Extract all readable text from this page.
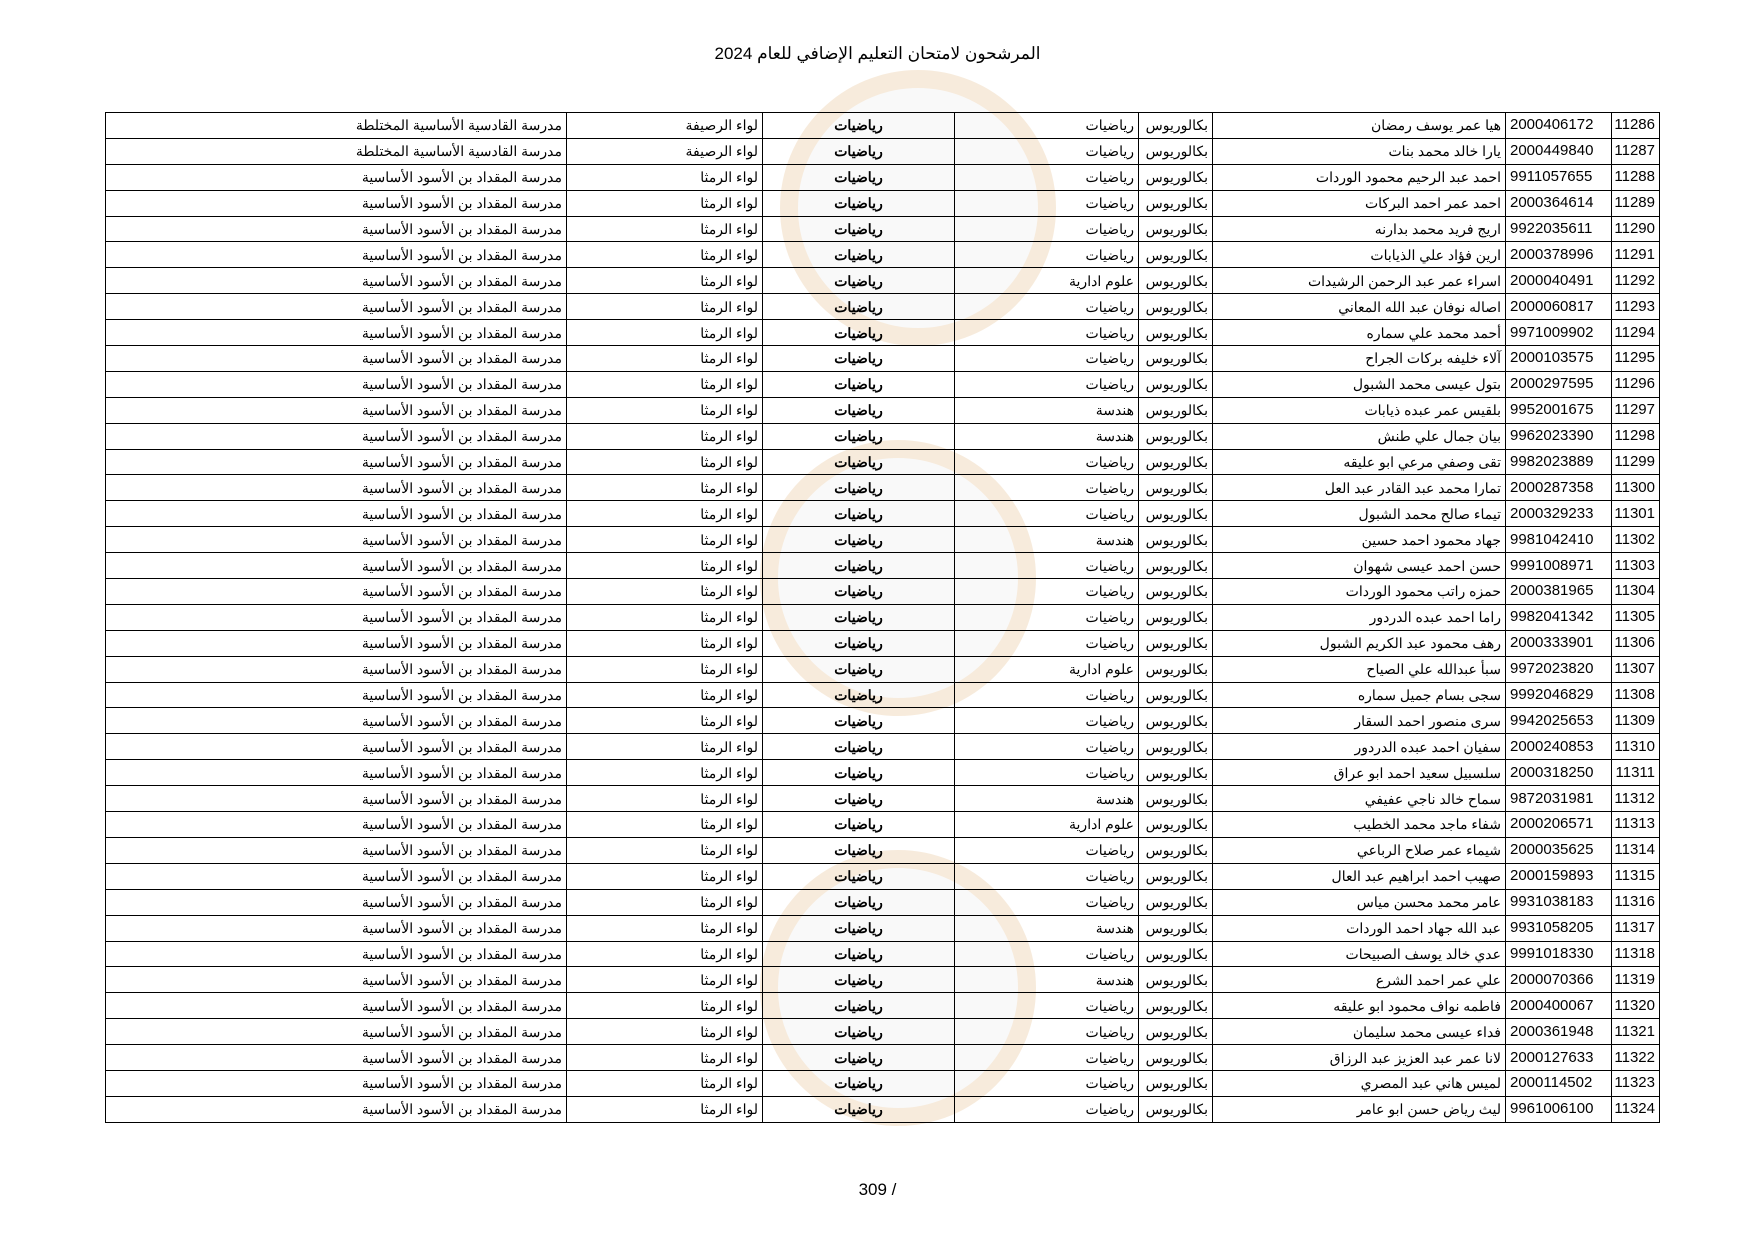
المرشحون لامتحان التعليم الإضافي للعام 2024
11286	2000406172	هيا عمر يوسف رمضان	بكالوريوس	رياضيات	رياضيات	لواء الرصيفة	مدرسة القادسية الأساسية المختلطة
11287	2000449840	يارا خالد محمد بنات	بكالوريوس	رياضيات	رياضيات	لواء الرصيفة	مدرسة القادسية الأساسية المختلطة
11288	9911057655	احمد عبد الرحيم محمود الوردات	بكالوريوس	رياضيات	رياضيات	لواء الرمثا	مدرسة المقداد بن الأسود الأساسية
11289	2000364614	احمد عمر احمد البركات	بكالوريوس	رياضيات	رياضيات	لواء الرمثا	مدرسة المقداد بن الأسود الأساسية
11290	9922035611	اريج فريد محمد بدارنه	بكالوريوس	رياضيات	رياضيات	لواء الرمثا	مدرسة المقداد بن الأسود الأساسية
11291	2000378996	ارين فؤاد علي الذيابات	بكالوريوس	رياضيات	رياضيات	لواء الرمثا	مدرسة المقداد بن الأسود الأساسية
11292	2000040491	اسراء عمر عبد الرحمن الرشيدات	بكالوريوس	علوم ادارية	رياضيات	لواء الرمثا	مدرسة المقداد بن الأسود الأساسية
11293	2000060817	اصاله نوفان عبد الله المعاني	بكالوريوس	رياضيات	رياضيات	لواء الرمثا	مدرسة المقداد بن الأسود الأساسية
11294	9971009902	أحمد محمد علي سماره	بكالوريوس	رياضيات	رياضيات	لواء الرمثا	مدرسة المقداد بن الأسود الأساسية
11295	2000103575	آلاء خليفه بركات الجراح	بكالوريوس	رياضيات	رياضيات	لواء الرمثا	مدرسة المقداد بن الأسود الأساسية
11296	2000297595	بتول عيسى محمد الشبول	بكالوريوس	رياضيات	رياضيات	لواء الرمثا	مدرسة المقداد بن الأسود الأساسية
11297	9952001675	بلقيس عمر عبده ذيابات	بكالوريوس	هندسة	رياضيات	لواء الرمثا	مدرسة المقداد بن الأسود الأساسية
11298	9962023390	بيان جمال علي طنش	بكالوريوس	هندسة	رياضيات	لواء الرمثا	مدرسة المقداد بن الأسود الأساسية
11299	9982023889	تقى وصفي مرعي ابو عليقه	بكالوريوس	رياضيات	رياضيات	لواء الرمثا	مدرسة المقداد بن الأسود الأساسية
11300	2000287358	تمارا محمد عبد القادر عبد العل	بكالوريوس	رياضيات	رياضيات	لواء الرمثا	مدرسة المقداد بن الأسود الأساسية
11301	2000329233	تيماء صالح محمد الشبول	بكالوريوس	رياضيات	رياضيات	لواء الرمثا	مدرسة المقداد بن الأسود الأساسية
11302	9981042410	جهاد محمود احمد حسين	بكالوريوس	هندسة	رياضيات	لواء الرمثا	مدرسة المقداد بن الأسود الأساسية
11303	9991008971	حسن احمد عيسى شهوان	بكالوريوس	رياضيات	رياضيات	لواء الرمثا	مدرسة المقداد بن الأسود الأساسية
11304	2000381965	حمزه راتب محمود الوردات	بكالوريوس	رياضيات	رياضيات	لواء الرمثا	مدرسة المقداد بن الأسود الأساسية
11305	9982041342	راما احمد عبده الدردور	بكالوريوس	رياضيات	رياضيات	لواء الرمثا	مدرسة المقداد بن الأسود الأساسية
11306	2000333901	رهف محمود عبد الكريم الشبول	بكالوريوس	رياضيات	رياضيات	لواء الرمثا	مدرسة المقداد بن الأسود الأساسية
11307	9972023820	سبأ عبدالله علي الصياح	بكالوريوس	علوم ادارية	رياضيات	لواء الرمثا	مدرسة المقداد بن الأسود الأساسية
11308	9992046829	سجى بسام جميل سماره	بكالوريوس	رياضيات	رياضيات	لواء الرمثا	مدرسة المقداد بن الأسود الأساسية
11309	9942025653	سرى منصور احمد السقار	بكالوريوس	رياضيات	رياضيات	لواء الرمثا	مدرسة المقداد بن الأسود الأساسية
11310	2000240853	سفيان احمد عبده الدردور	بكالوريوس	رياضيات	رياضيات	لواء الرمثا	مدرسة المقداد بن الأسود الأساسية
11311	2000318250	سلسبيل سعيد احمد ابو عراق	بكالوريوس	رياضيات	رياضيات	لواء الرمثا	مدرسة المقداد بن الأسود الأساسية
11312	9872031981	سماح خالد ناجي عفيفي	بكالوريوس	هندسة	رياضيات	لواء الرمثا	مدرسة المقداد بن الأسود الأساسية
11313	2000206571	شفاء ماجد محمد الخطيب	بكالوريوس	علوم ادارية	رياضيات	لواء الرمثا	مدرسة المقداد بن الأسود الأساسية
11314	2000035625	شيماء عمر صلاح الرباعي	بكالوريوس	رياضيات	رياضيات	لواء الرمثا	مدرسة المقداد بن الأسود الأساسية
11315	2000159893	صهيب احمد ابراهيم عبد العال	بكالوريوس	رياضيات	رياضيات	لواء الرمثا	مدرسة المقداد بن الأسود الأساسية
11316	9931038183	عامر محمد محسن مياس	بكالوريوس	رياضيات	رياضيات	لواء الرمثا	مدرسة المقداد بن الأسود الأساسية
11317	9931058205	عبد الله جهاد احمد الوردات	بكالوريوس	هندسة	رياضيات	لواء الرمثا	مدرسة المقداد بن الأسود الأساسية
11318	9991018330	عدي خالد يوسف الصبيحات	بكالوريوس	رياضيات	رياضيات	لواء الرمثا	مدرسة المقداد بن الأسود الأساسية
11319	2000070366	علي عمر احمد الشرع	بكالوريوس	هندسة	رياضيات	لواء الرمثا	مدرسة المقداد بن الأسود الأساسية
11320	2000400067	فاطمه نواف محمود ابو عليقه	بكالوريوس	رياضيات	رياضيات	لواء الرمثا	مدرسة المقداد بن الأسود الأساسية
11321	2000361948	فداء عيسى محمد سليمان	بكالوريوس	رياضيات	رياضيات	لواء الرمثا	مدرسة المقداد بن الأسود الأساسية
11322	2000127633	لانا عمر عبد العزيز عبد الرزاق	بكالوريوس	رياضيات	رياضيات	لواء الرمثا	مدرسة المقداد بن الأسود الأساسية
11323	2000114502	لميس هاني عبد المصري	بكالوريوس	رياضيات	رياضيات	لواء الرمثا	مدرسة المقداد بن الأسود الأساسية
11324	9961006100	ليث رياض حسن ابو عامر	بكالوريوس	رياضيات	رياضيات	لواء الرمثا	مدرسة المقداد بن الأسود الأساسية
309 /
